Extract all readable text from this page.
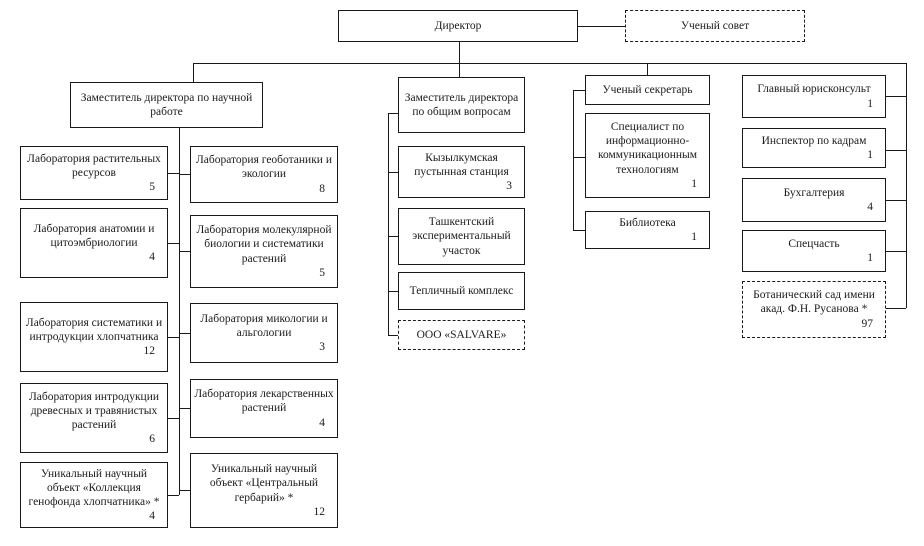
Директор	Ученый совет
Заместитель директора по научной работе
Заместитель директора по общим вопросам
Ученый секретарь
Лаборатория растительных ресурсов
5
Лаборатория анатомии и цитоэмбриологии
4
Лаборатория систематики и интродукции хлопчатника
12
Лаборатория интродукции древесных и травянистых растений
6
Уникальный научный объект «Коллекция генофонда хлопчатника» *
4
Лаборатория геоботаники и экологии
8
Лаборатория молекулярной биологии и систематики растений
5
Лаборатория микологии и альгологии
3
Лаборатория лекарственных растений
4
Уникальный научный объект «Центральный гербарий» *
12
Кызылкумская пустынная станция
3
Ташкентский экспериментальный участок
Тепличный комплекс
ООО «SALVARE»
Специалист по информационно-коммуникационным технологиям
1
Библиотека
1
Главный юрисконсульт
1
Инспектор по кадрам
1
Бухгалтерия
4
Спецчасть
1
Ботанический сад имени акад. Ф.Н. Русанова *
97
